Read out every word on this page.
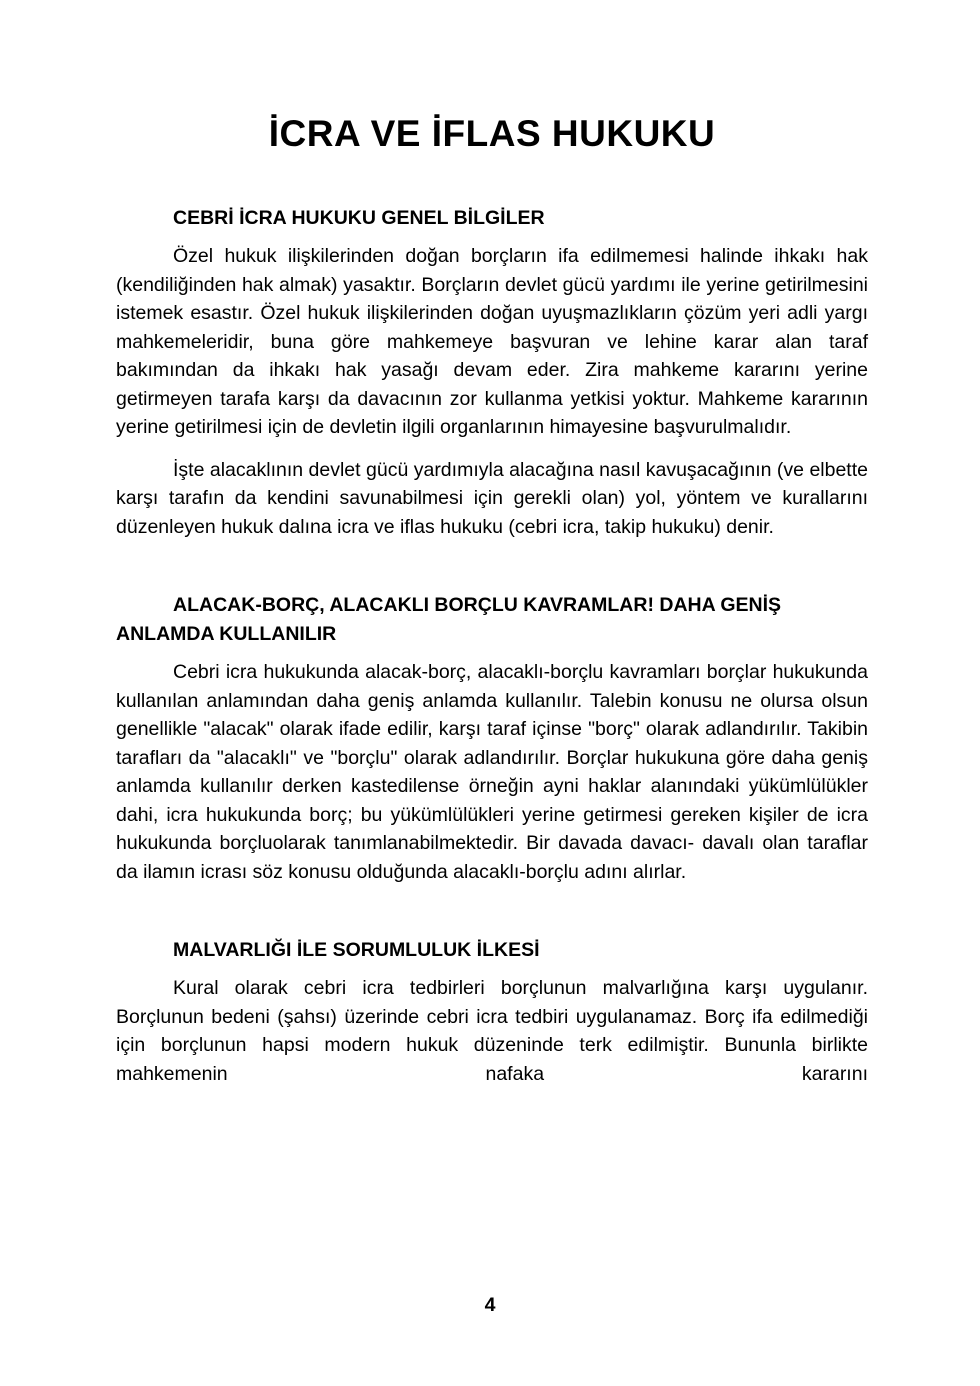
İCRA VE İFLAS HUKUKU
CEBRİ İCRA HUKUKU GENEL BİLGİLER

Özel hukuk ilişkilerinden doğan borçların ifa edilmemesi halinde ihkakı hak (kendiliğinden hak almak) yasaktır. Borçların devlet gücü yardımı ile yerine getirilmesini istemek esastır. Özel hukuk ilişkilerinden doğan uyuşmazlıkların çözüm yeri adli yargı mahkemeleridir, buna göre mahkemeye başvuran ve lehine karar alan taraf bakımından da ihkakı hak yasağı devam eder. Zira mahkeme kararını yerine getirmeyen tarafa karşı da davacının zor kullanma yetkisi yoktur. Mahkeme kararının yerine getirilmesi için de devletin ilgili organlarının himayesine başvurulmalıdır.

İşte alacaklının devlet gücü yardımıyla alacağına nasıl kavuşacağının (ve elbette karşı tarafın da kendini savunabilmesi için gerekli olan) yol, yöntem ve kurallarını düzenleyen hukuk dalına icra ve iflas hukuku (cebri icra, takip hukuku) denir.

ALACAK-BORÇ, ALACAKLI BORÇLU KAVRAMLAR! DAHA GENİŞ ANLAMDA KULLANILIR

Cebri icra hukukunda alacak-borç, alacaklı-borçlu kavramları borçlar hukukunda kullanılan anlamından daha geniş anlamda kullanılır. Talebin konusu ne olursa olsun genellikle "alacak" olarak ifade edilir, karşı taraf içinse "borç" olarak adlandırılır. Takibin tarafları da "alacaklı" ve "borçlu" olarak adlandırılır. Borçlar hukukuna göre daha geniş anlamda kullanılır derken kastedilense örneğin ayni haklar alanındaki yükümlülükler dahi, icra hukukunda borç; bu yükümlülükleri yerine getirmesi gereken kişiler de icra hukukunda borçluolarak tanımlanabilmektedir. Bir davada davacı- davalı olan taraflar da ilamın icrası söz konusu olduğunda alacaklı-borçlu adını alırlar.

MALVARLIĞI İLE SORUMLULUK İLKESİ

Kural olarak cebri icra tedbirleri borçlunun malvarlığına karşı uygulanır. Borçlunun bedeni (şahsı) üzerinde cebri icra tedbiri uygulanamaz. Borç ifa edilmediği için borçlunun hapsi modern hukuk düzeninde terk edilmiştir. Bununla birlikte mahkemenin nafaka kararını

4
